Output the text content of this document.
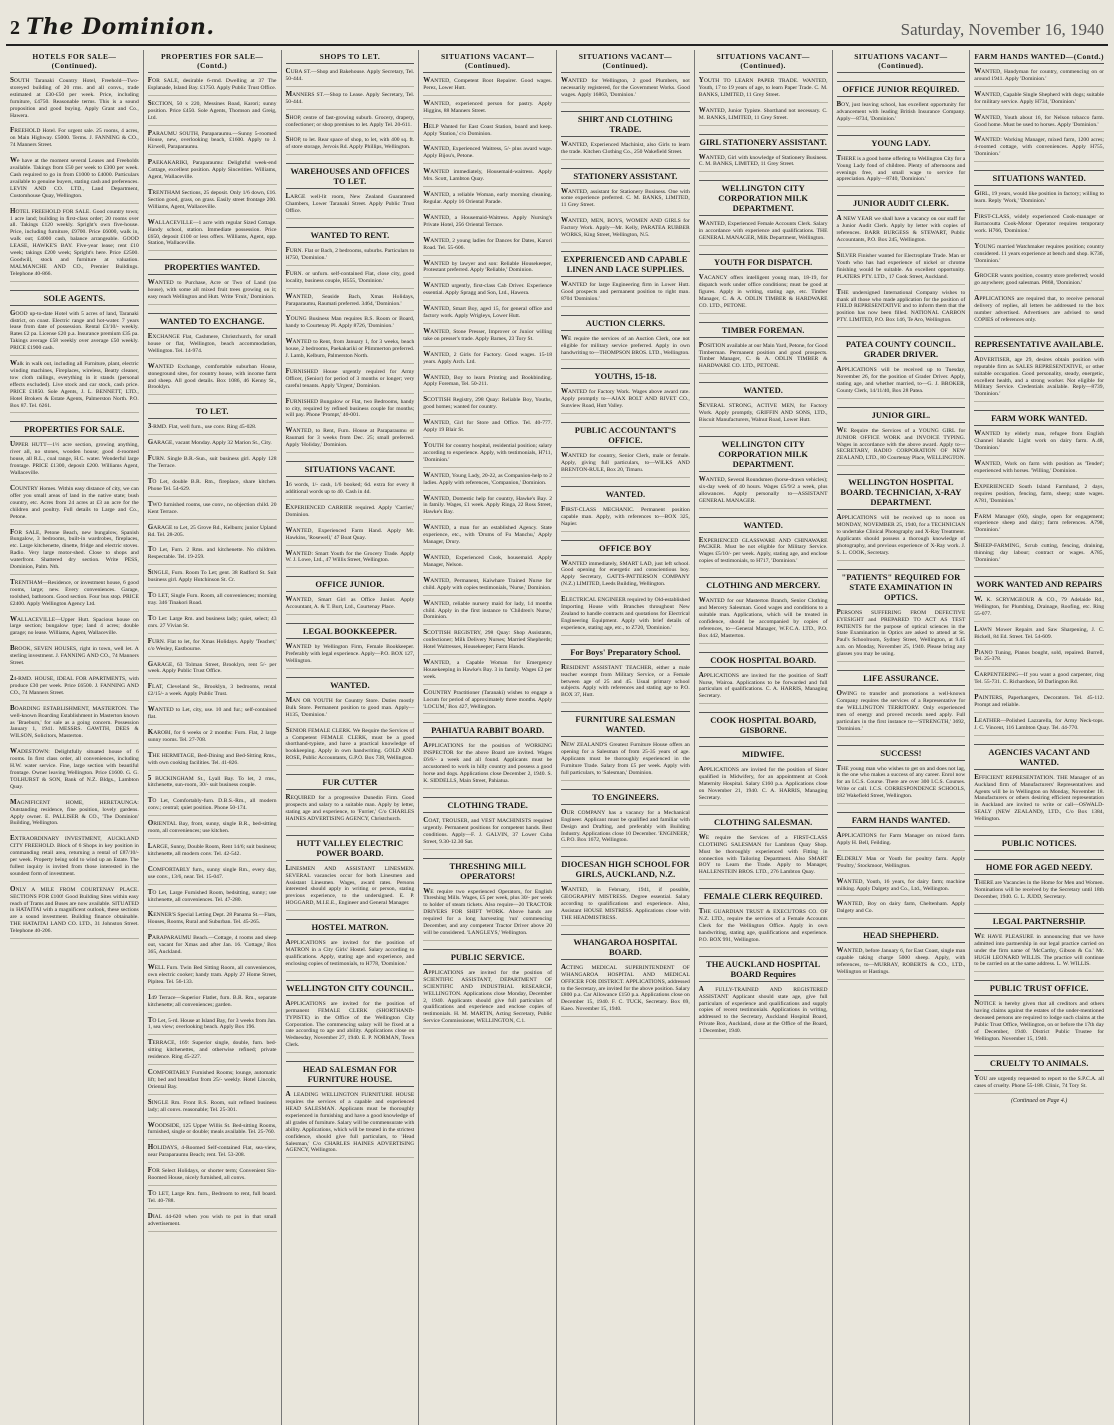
2 The Dominion.	Saturday, November 16, 1940
HOTELS FOR SALE—(Continued).
SOUTH Taranaki Country Hotel, Freehold—Two-storeyed building of 20 rms. and all convs., trade estimated at £30-£50 per week. Price, including furniture, £4750. Reasonable terms. This is a sound proposition and good buying. Apply Grant and Co., Hawera.
FREEHOLD Hotel. For urgent sale. 25 rooms, 4 acres, on Main Highway. £5000. Terms. J. FANNING & CO., 74 Manners Street.
We have at the moment several Leases and Freeholds available. Takings from £50 per week to £300 per week. Cash required to go in from £1000 to £4000. Particulars available to genuine buyers, stating cash and preferences. LEVIN AND CO. LTD., Land Department, Customhouse Quay, Wellington.
HOTEL FREEHOLD FOR SALE. Good country town; 1 acre land; building in first-class order; 20 rooms over all. Takings £120 weekly. Spright's own five-house. Price, including furniture, £9700. Price £6000, walk in, walk out; £4000 cash, balance arrangeable. GOOD LEASE, HAWKE'S BAY. Five-year lease; rent £10 week; takings £200 week; Spright's here. Price £2500. Goodwill, stock and furniture at valuation. MALMANCHE AND CO., Premier Buildings. Telephone 40-866.
SOLE AGENTS.
GOOD up-to-date Hotel with 5 acres of land, Taranaki district, on coast. Electric range and hot-water. 7 years lease from date of possession. Rental £3/10/- weekly. Rates £2 pa. License £20 p.a. Insurance premium £35 pa. Takings average £58 weekly over average £50 weekly. PRICE £1900 cash.
Walk in walk out, including all Furniture, plant, electric winding machines, Fireplaces, wireless, Beatty cleaner, tow cloth railings, everything in it stands (personal effects excluded). Live stock and car stock, cash price. PRICE £1850. Sole Agents, J. L. BENNETT, LTD., Hotel Brokers & Estate Agents, Palmerston North. P.O. Box 87. Tel. 6261.
PROPERTIES FOR SALE.
UPPER HUTT—1½ acre section, growing anything, river all, no stones, wooden house; good 4-roomed house, all R.L., coal range, H.C. water. Wonderful large frontage. PRICE £1300, deposit £200. Williams Agent, Wallaceville.
COUNTRY Homes. Within easy distance of city, we can offer you small areas of land in the native state; bush country, etc. Acres from 24 acres at £3 an acre for the children and poultry. Full details to Large and Co., Petone.
FOR SALE, Petone Beach, new bungalow, Spanish Bungalow, 3 bedrooms, built-in wardrobes, fireplaces, etc. Large kitchenette, dinette, fridge and electric stoves. Radio. Very large motor-shed. Close to shops and waterfront. Shattered dry section. Write PESS, Dominion, Palm. Nth.
TRENTHAM—Residence, or investment house, 6 good rooms, large; new. Every conveniences. Garage, toolshed, bathroom. Good section. Four bus stop. PRICE £2400. Apply Wellington Agency Ltd.
WALLACEVILLE—Upper Hutt. Spacious house on large section; bungalow type; land 4 acres; double garage; no lease. Williams, Agent, Wallaceville.
BROOK, SEVEN HOUSES, right in town, well let. A sterling investment. J. FANNING AND CO., 74 Manners Street.
24-RMD. HOUSE, IDEAL FOR APARTMENTS, with produce £30 per week. Price £6500. J. FANNING AND CO., 74 Manners Street.
BOARDING ESTABLISHMENT, MASTERTON. The well-known Boarding Establishment in Masterton known as 'Braeburn,' for sale as a going concern. Possession January 1, 1941. MESSRS. GAWITH, DEES & WILSON, Solicitors, Masterton.
WADESTOWN: Delightfully situated house of 6 rooms. In first class order, all conveniences, including H.W. water service. Fine, large section with beautiful frontage. Owner leaving Wellington. Price £1600. G. G. TOLHURST & SON, Bank of N.Z. Bldgs., Lambton Quay.
MAGNIFICENT HOME, HERETAUNGA: Outstanding residence, fine position, lovely gardens. Apply owner. E. PALLISER & CO., 'The Dominion' Building, Wellington.
EXTRAORDINARY INVESTMENT, AUCKLAND CITY FREEHOLD. Block of 6 Shops in key position in commanding retail area, returning a rental of £87/10/- per week. Property being sold to wind up an Estate. The fullest inquiry is invited from those interested in the soundest form of investment.
ONLY A MILE FROM COURTENAY PLACE. SECTIONS FOR £100! Good Building Sites within easy reach of Trams and Buses are now available. SITUATED in HATAITAI with a magnificent outlook, these sections are a sound investment. Building finance obtainable. THE HATAITAI LAND CO. LTD., 31 Johnston Street. Telephone 40-206.
PROPERTIES FOR SALE—(Contd.)
FOR SALE, desirable 6-rmd. Dwelling at 37 The Esplanade, Island Bay. £1750. Apply Public Trust Office.
SECTION, 50 x 220, Messines Road, Karori; sunny position. Price £450. Sole Agents, Thomson and Greig, Ltd.
PARAUMU SOUTH, Paraparaumu.—Sunny 5-roomed House, new, overlooking beach, £1600. Apply to J. Kirwell, Paraparaumu.
PAEKAKARIKI, Paraparaumu: Delightful week-end Cottage, excellent position. Apply Sincerities. Williams, Agent, Wallaceville.
TRENTHAM Sections, 25 deposit. Only 1/6 down, £16. Section good, grass, on grass. Easily street frontage 200. Williams, Agent, Wallaceville.
WALLACEVILLE—1 acre with regular Sized Cottage. Handy school, station. Immediate possession. Price £650, deposit £100 or less offers. Williams, Agent, opp. Station, Wallaceville.
PROPERTIES WANTED.
WANTED to Purchase, Acre or Two of Land (no house), with some all mixed fruit trees growing on it; easy reach Wellington and Hutt. Write 'Fruit,' Dominion.
WANTED TO EXCHANGE.
EXCHANGE Flat, Cashmere, Christchurch, for small house or flat, Wellington, beach accommodation, Wellington. Tel. 14-974.
WANTED Exchange, comfortable suburban House, stoneground sites, for country house, with income farm and sheep. All good details. Box 1086, 46 Kenny St., Brooklyn.
TO LET.
3-RMD. Flat, well furn., use conv. Ring 45-028.
GARAGE, vacant Monday. Apply 32 Marion St., City.
FURN. Single B.R.-Sun., suit business girl. Apply 128 The Terrace.
TO Let, double B.R. Rm., fireplace, share kitchen. Phone Tel. 54-629.
TWO furnished rooms, use conv., no objection child. 20 Kent Terrace.
GARAGE to Let, 25 Grove Rd., Kelburn; junior Upland Rd. Tel. 28-205.
TO Let, Furn. 2 Rms. and kitchenette. No children. Respectable. Tel. 19-259.
SINGLE, Furn. Room To Let; gent. 38 Radford St. Suit business girl. Apply Hutchinson St. Cr.
TO LET, Single Furn. Room, all conveniences; morning tray. 346 Tinakori Road.
TO Let: Large Rm. and business lady; quiet, select; 43 cnrs. 27 Vivian St.
FURN. Flat to let, for Xmas Holidays. Apply 'Teacher,' c/o Wesley, Eastbourne.
GARAGE, 63 Tolman Street, Brooklyn, rent 5/- per week. Apply Public Trust Office.
FLAT, Cleveland St., Brooklyn, 3 bedrooms, rental £2/15/- a week. Apply Public Trust.
WANTED to Let, city, use. 10 and fur.; self-contained flat.
KAROBI, for 6 weeks or 2 months: Furn. Flat, 2 large sunny rooms. Tel. 27-708.
THE HERMITAGE, Bed-Dining and Bed-Sitting Rms., with own cooking facilities. Tel. 41-826.
5 BUCKINGHAM St., Lyall Bay. To let, 2 rms., kitchenette, sun-room, 30/- suit business couple.
TO Let, Comfortably-furn. D.B.S.-Rm., all modern conv.; central; quiet position. Phone 50-174.
ORIENTAL Bay, front, sunny, single B.R., bed-sitting room, all conveniences; use kitchen.
LARGE, Sunny, Double Room, Rent 14/6; suit business; kitchenette, all modern conv. Tel. 42-542.
COMFORTABLY furn., sunny single Rm., every day, use conv., 13/6, near. Tel. 15-047.
TO Let, Large Furnished Room, bedsitting, sunny; use kitchenette, all conveniences. Tel. 47-280.
KENNER'S Special Letting Dept. 28 Panama St.—Flats, Houses, Rooms, Rural and Suburban. Tel. 45-265.
PARAPARAUMU Beach.—Cottage, 4 rooms and sleep out, vacant for Xmas and after Jan. 16. 'Cottage,' Box 365, Auckland.
WELL Furn. Twin Bed Sitting Room, all conveniences, own electric cooker; handy tram. Apply 27 Home Street, Pipitea. Tel. 56-133.
149 Terrace—Superior Flatlet, furn. B.R. Rm., separate kitchenette; all conveniences; garden.
TO Let, 5-rd. House at Island Bay, for 3 weeks from Jan. 1, sea view; overlooking beach. Apply Box 196.
TERRACE, 169: Superior single, double, furn. bed-sitting kitchenettes, and otherwise refined; private residence. Ring 45-227.
COMFORTABLY Furnished Rooms; lounge, automatic lift; bed and breakfast from 25/- weekly. Hotel Lincoln, Oriental Bay.
SINGLE Rm. Front B.S. Room, suit refined business lady; all convs. reasonable; Tel. 25-301.
WOODSIDE, 125 Upper Willis St. Bed-sitting Rooms, furnished, single or double; meals available. Tel. 25-760.
HOLIDAYS, 4-Roomed Self-contained Flat, sea-view, near Paraparaumu Beach; rent. Tel. 53-208.
FOR Select Holidays, or shorter term; Convenient Six-Roomed House, nicely furnished, all convs.
TO LET, Large Rm. furn., Bedroom to rent, full board. Tel. 40-788.
DIAL 44-620 when you wish to put in that small advertisement.
SHOPS TO LET.
CUBA ST.—Shop and Bakehouse. Apply Secretary, Tel. 50-444.
MANNERS ST.—Shop to Lease. Apply Secretary, Tel. 50-444.
SHOP, centre of fast-growing suburb. Grocery, drapery, confectioner; or shop premises to let. Apply Tel. 20-611.
SHOP, to let. Rear space of shop, to let, with 400 sq. ft. of store storage, Jervois Rd. Apply Phillips, Wellington.
WAREHOUSES AND OFFICES TO LET.
LARGE well-lit room, New Zealand Guaranteed Chambers, Lower Taranaki Street. Apply Public Trust Office.
WANTED TO RENT.
FURN. Flat or Bach, 2 bedrooms, suburbs. Particulars to H750, 'Dominion.'
FURN. or unfurn. self-contained Flat, close city, good locality, business couple, H555, 'Dominion.'
WANTED, Seaside Bach, Xmas Holidays, Paraparaumu, Raumati preferred. 3464, 'Dominion.'
YOUNG Business Man requires B.S. Room or Board, handy to Courtenay Pl. Apply 8726, 'Dominion.'
WANTED to Rent, from January 1, for 3 weeks, beach house, 2 bedrooms, Paekakariki or Plimmerton preferred. J. Lamb, Kelburn, Palmerston North.
FURNISHED House urgently required for Army Officer, (Senior) for period of 3 months or longer; very careful tenants. Apply 'Urgent,' Dominion.
FURNISHED Bungalow or Flat, two Bedrooms, handy to city, required by refined business couple for months; will pay. Phone 'Prompt,' 40-001.
WANTED, to Rent, Furn. House at Paraparaumu or Raumati for 3 weeks from Dec. 25; small preferred. Apply 'Holiday,' Dominion.
SITUATIONS VACANT.
16 words, 1/- cash, 1/6 booked; 6d. extra for every 8 additional words up to 40. Cash in 4d.
EXPERIENCED CARRIER required. Apply 'Carrier,' Dominion.
WANTED, Experienced Farm Hand. Apply Mr. Hawkins, 'Rosewell,' 47 Boat Quay.
WANTED: Smart Youth for the Grocery Trade. Apply W. J. Lowe, Ltd., 47 Willis Street, Wellington.
OFFICE JUNIOR.
WANTED, Smart Girl as Office Junior. Apply Accountant, A. & T. Burt, Ltd., Courtenay Place.
LEGAL BOOKKEEPER.
WANTED by Wellington Firm, Female Bookkeeper. Preferably with legal experience. Apply—P.O. BOX 127, Wellington.
WANTED.
MAN OR YOUTH for Country Store. Duties mostly Bulk Store. Permanent position to good man. Apply—H135, 'Dominion.'
SENIOR FEMALE CLERK. We Require the Services of a Competent FEMALE CLERK, must be a good shorthand-typiste, and have a practical knowledge of bookkeeping. Apply in own handwriting. GOLD AND ROSE, Public Accountants, G.P.O. Box 738, Wellington.
FUR CUTTER
REQUIRED for a progressive Dunedin Firm. Good prospects and salary to a suitable man. Apply by letter, stating age and experience, to 'Furrier,' C/o CHARLES HAINES ADVERTISING AGENCY, Christchurch.
HUTT VALLEY ELECTRIC POWER BOARD.
LINESMEN AND ASSISTANT LINESMEN. SEVERAL vacancies occur for both Linesmen and Assistant Linesmen. Wages, award rates. Persons interested should apply in writing or person, stating previous experience, to the undersigned. E. P. HOGGARD, M.I.E.E., Engineer and General Manager.
HOSTEL MATRON.
APPLICATIONS are invited for the position of MATRON in a City Girls' Hostel. Salary according to qualifications. Apply, stating age and experience, and enclosing copies of testimonials, to H778, 'Dominion.'
WELLINGTON CITY COUNCIL.
APPLICATIONS are invited for the position of permanent FEMALE CLERK (SHORTHAND-TYPISTE) in the Office of the Wellington City Corporation. The commencing salary will be fixed at a rate according to age and ability. Applications close on Wednesday, November 27, 1940. E. P. NORMAN, Town Clerk.
HEAD SALESMAN FOR FURNITURE HOUSE.
A LEADING WELLINGTON FURNITURE HOUSE requires the services of a capable and experienced HEAD SALESMAN. Applicants must be thoroughly experienced in furnishing and have a good knowledge of all grades of furniture. Salary will be commensurate with ability. Applications, which will be treated in the strictest confidence, should give full particulars, to 'Head Salesman,' C/o CHARLES HAINES ADVERTISING AGENCY, Wellington.
SITUATIONS VACANT—(Continued).
WANTED, Competent Boot Repairer. Good wages. Perez, Lower Hutt.
WANTED, experienced person for pastry. Apply Higgins, 88 Manners Street.
HELP Wanted for East Coast Station, board and keep. Apply 'Station,' c/o Dominion.
WANTED, Experienced Waitress, 5/- plus award wage. Apply Bijou's, Petone.
WANTED immediately, Housemaid-waitress. Apply Mrs. Scott, Lambton Quay.
WANTED, a reliable Woman, early morning cleaning. Regular. Apply 16 Oriental Parade.
WANTED, a Housemaid-Waitress. Apply Nursing's Private Hotel, 256 Oriental Terrace.
WANTED, 2 young ladies for Dances for Dates, Karori Road. Tel. 55-606.
WANTED by lawyer and son: Reliable Housekeeper, Protestant preferred. Apply 'Reliable,' Dominion.
WANTED urgently, first-class Cab Driver. Experience essential. Apply Spragg and Son, Ltd., Hawera.
WANTED, Smart Boy, aged 15, for general office and factory work. Apply Wrigleys, Lower Hutt.
WANTED, Stone Presser, Improver or Junior willing take on presser's trade. Apply Barnes, 23 Tory St.
WANTED, 2 Girls for Factory. Good wages. 15-18 years. Apply Arch. Ltd.
WANTED, Boy to learn Printing and Bookbinding. Apply Foreman, Tel. 50-211.
SCOTTISH Registry, 298 Quay: Reliable Boy, Youths, good homes; wanted for country.
WANTED, Girl for Store and Office. Tel. 40-777. Apply 19 Blair St.
YOUTH for country hospital, residential position; salary according to experience. Apply, with testimonials, H711, 'Dominion.'
WANTED, Young Lady, 20-22, as Companion-help to 2 ladies. Apply with references, 'Companion,' Dominion.
WANTED, Domestic help for country, Hawke's Bay. 2 in family. Wages, £1 week. Apply Ringa, 22 Ross Street, Hawke's Bay.
WANTED, a man for an established Agency. State experience, etc., with 'Drums of Fu Manchu,' Apply Manager, Drury.
WANTED, Experienced Cook, housemaid. Apply Manager, Nelson.
WANTED, Permanent, Kaiwhare Trained Nurse for child. Apply with copies testimonials, 'Nurse,' Dominion.
WANTED, reliable nursery maid for lady, 14 months child. Apply in the first instance to 'Children's Nurse,' Dominion.
SCOTTISH REGISTRY, 298 Quay: Shop Assistants, confectioner; Milk Delivery Nurses; Married Shepherds; Hotel Waitresses, Housekeeper; Farm Hands.
WANTED, a Capable Woman for Emergency Housekeeping in Hawke's Bay. 3 in family. Wages £2 per week.
COUNTRY Practitioner (Taranaki) wishes to engage a Locum for period of approximately three months. Apply 'LOCUM,' Box 427, Wellington.
PAHIATUA RABBIT BOARD.
APPLICATIONS for the position of WORKING INSPECTOR for the above Board are invited. Wages £6/6/- a week and all found. Applicants must be accustomed to work in hilly country and possess a good horse and dogs. Applications close December 2, 1940. S. K. SIDDELLS, Main Street, Pahiatua.
CLOTHING TRADE.
COAT, TROUSER, and VEST MACHINISTS required urgently. Permanent positions for competent hands. Best conditions. Apply—F. J. GALVIN, 37 Lower Cuba Street, 9.30-12.30 Sat.
THRESHING MILL OPERATORS!
WE require two experienced Operators, for English Threshing Mills. Wages, £5 per week, plus 30/- per week to holder of steam tickets. Also require—20 TRACTOR DRIVERS FOR SHIFT WORK. Above hands are required for a long harvesting 'run' commencing December, and any competent Tractor Driver above 20 will be considered. 'LANGLEYS,' Wellington.
PUBLIC SERVICE.
APPLICATIONS are invited for the position of SCIENTIFIC ASSISTANT, DEPARTMENT OF SCIENTIFIC AND INDUSTRIAL RESEARCH, WELLINGTON. Applications close Monday, December 2, 1940. Applicants should give full particulars of qualifications and experience and enclose copies of testimonials. H. M. MARTIN, Acting Secretary, Public Service Commissioner, WELLINGTON, C.1.
SITUATIONS VACANT—(Continued).
WANTED for Wellington, 2 good Plumbers, not necessarily registered, for the Government Works. Good wages. Apply 16863, 'Dominion.'
SHIRT AND CLOTHING TRADE.
WANTED, Experienced Machinist, also Girls to learn the trade. Kitchen Clothing Co., 250 Wakefield Street.
STATIONERY ASSISTANT.
WANTED, assistant for Stationery Business. One with some experience preferred. C. M. BANKS, LIMITED, 11 Grey Street.
WANTED, MEN, BOYS, WOMEN AND GIRLS for Factory Work. Apply—Mr. Kelly, PARATEA RUBBER WORKS, King Street, Wellington, N.5.
EXPERIENCED AND CAPABLE LINEN AND LACE SUPPLIES.
WANTED for large Engineering firm in Lower Hutt. Good prospects and permanent position to right man. 8704 'Dominion.'
AUCTION CLERKS.
WE require the services of an Auction Clerk, one not eligible for military service preferred. Apply in own handwriting to—THOMPSON BROS. LTD., Wellington.
YOUTHS, 15-18.
WANTED for Factory Work. Wages above award rate. Apply promptly to—AJAX BOLT AND RIVET CO., Sunview Road, Hutt Valley.
PUBLIC ACCOUNTANT'S OFFICE.
WANTED for country, Senior Clerk, male or female. Apply, giving full particulars, to—WILKS AND BRENTON-RULE, Box 20, Timaru.
WANTED.
FIRST-CLASS MECHANIC. Permanent position capable man. Apply, with references to—BOX 325, Napier.
OFFICE BOY
WANTED immediately, SMART LAD, just left school. Good opening for energetic and conscientious boy. Apply Secretary, GATTS-PATTERSON COMPANY (N.Z.) LIMITED, Leeds Building, Wellington.
ELECTRICAL ENGINEER required by Old-established Importing House with Branches throughout New Zealand to handle contracts and quotations for Electrical Engineering Equipment. Apply with brief details of experience, stating age, etc., to Z720, 'Dominion.'
For Boys' Preparatory School.
RESIDENT ASSISTANT TEACHER, either a male teacher exempt from Military Service, or a Female between age of 25 and 45. Usual primary school subjects. Apply with references and stating age to P.O. BOX 37, Hutt.
FURNITURE SALESMAN WANTED.
NEW ZEALAND'S Greatest Furniture House offers an opening for a Salesman of from 25-35 years of age. Applicants must be thoroughly experienced in the Furniture Trade. Salary from £5 per week. Apply with full particulars, to 'Salesman,' Dominion.
TO ENGINEERS.
OUR COMPANY has a vacancy for a Mechanical Engineer. Applicant must be qualified and familiar with Design and Drafting, and preferably with Building Industry. Applications close 10 December. 'ENGINEER,' G.P.O. Box 1672, Wellington.
DIOCESAN HIGH SCHOOL FOR GIRLS, AUCKLAND, N.Z.
WANTED, in February, 1941, if possible, GEOGRAPHY MISTRESS. Degree essential. Salary according to qualifications and experience. Also, Assistant HOUSE MISTRESS. Applications close with THE HEADMISTRESS.
WHANGAROA HOSPITAL BOARD.
ACTING MEDICAL SUPERINTENDENT OF WHANGAROA HOSPITAL AND MEDICAL OFFICER FOR DISTRICT. APPLICATIONS, addressed to the Secretary, are invited for the above position. Salary £800 p.a. Car Allowance £150 p.a. Applications close on December 15, 1940. F. C. TUCK, Secretary. Box 69, Kaeo. November 15, 1940.
SITUATIONS VACANT—(Continued).
YOUTH TO LEARN PAPER TRADE. WANTED, Youth, 17 to 19 years of age, to learn Paper Trade. C. M. BANKS, LIMITED, 11 Grey Street.
WANTED, Junior Typiste. Shorthand not necessary. C. M. BANKS, LIMITED, 11 Grey Street.
GIRL STATIONERY ASSISTANT.
WANTED, Girl with knowledge of Stationery Business. C. M. BANKS, LIMITED, 11 Grey Street.
WELLINGTON CITY CORPORATION MILK DEPARTMENT.
WANTED, Experienced Female Accounts Clerk. Salary in accordance with experience and qualifications. THE GENERAL MANAGER, Milk Department, Wellington.
YOUTH FOR DISPATCH.
VACANCY offers intelligent young man, 18-19, for dispatch work under office conditions; must be good at figures. Apply in writing, stating age, etc. Timber Manager, C. & A. ODLIN TIMBER & HARDWARE CO. LTD., PETONE.
TIMBER FOREMAN.
POSITION available at our Main Yard, Petone, for Good Timberman. Permanent position and good prospects. Timber Manager, C. & A. ODLIN TIMBER & HARDWARE CO. LTD., PETONE.
WANTED.
SEVERAL STRONG, ACTIVE MEN, for Factory Work. Apply promptly, GRIFFIN AND SONS, LTD., Biscuit Manufacturers, Walnut Road, Lower Hutt.
WELLINGTON CITY CORPORATION MILK DEPARTMENT.
WANTED, Several Roundsmen (horse-drawn vehicles); six-day week of 40 hours. Wages £5/9/2 a week, plus allowances. Apply personally to—ASSISTANT GENERAL MANAGER.
WANTED.
EXPERIENCED GLASSWARE AND CHINAWARE PACKER. Must be not eligible for Military Service. Wages £5/10/- per week. Apply, stating age, and enclose copies of testimonials, to H717, 'Dominion.'
CLOTHING AND MERCERY.
WANTED for our Masterton Branch, Senior Clothing and Mercery Salesman. Good wages and conditions to a suitable man. Applications, which will be treated in confidence, should be accompanied by copies of references, to—General Manager, W.F.C.A. LTD., P.O. Box 442, Masterton.
COOK HOSPITAL BOARD.
APPLICATIONS are invited for the position of Staff Nurse, Wairoa. Applications to be forwarded and full particulars of qualifications. C. A. HARRIS, Managing Secretary.
COOK HOSPITAL BOARD, GISBORNE.
MIDWIFE.
APPLICATIONS are invited for the position of Sister qualified in Midwifery, for an appointment at Cook Maternity Hospital. Salary £160 p.a. Applications close on November 21, 1940. C. A. HARRIS, Managing Secretary.
CLOTHING SALESMAN.
WE require the Services of a FIRST-CLASS CLOTHING SALESMAN for Lambton Quay Shop. Must be thoroughly experienced with Fitting in connection with Tailoring Department. Also SMART BOY to Learn the Trade. Apply to Manager, HALLENSTEIN BROS. LTD., 276 Lambton Quay.
FEMALE CLERK REQUIRED.
THE GUARDIAN TRUST & EXECUTORS CO. OF N.Z. LTD., require the services of a Female Accounts Clerk for the Wellington Office. Apply in own handwriting, stating age, qualifications and experience. P.O. BOX 991, Wellington.
THE AUCKLAND HOSPITAL BOARD Requires
A FULLY-TRAINED AND REGISTERED ASSISTANT Applicant should state age, give full particulars of experience and qualifications and supply copies of recent testimonials. Applications in writing, addressed to the Secretary, Auckland Hospital Board, Private Box, Auckland, close at the Office of the Board, 1 December, 1940.
SITUATIONS VACANT—(Continued).
OFFICE JUNIOR REQUIRED.
BOY, just leaving school, has excellent opportunity for advancement with leading British Insurance Company. Apply—8734, 'Dominion.'
YOUNG LADY.
THERE is a good home offering to Wellington City for a Young Lady fond of children. Plenty of afternoons and evenings free, and small wage to service for appreciation. Apply—8740, 'Dominion.'
JUNIOR AUDIT CLERK.
A NEW YEAR we shall have a vacancy on our staff for a Junior Audit Clerk. Apply by letter with copies of references. BARR BURGESS & STEWART, Public Accountants, P.O. Box 245, Wellington.
SILVER Finisher wanted for Electroplate Trade. Man or Youth who has had experience of nickel or chrome finishing would be suitable. An excellent opportunity. PLATERS PTY. LTD., 17 Cook Street, Auckland.
THE undersigned International Company wishes to thank all those who made application for the position of FIELD REPRESENTATIVE and to inform them that the position has now been filled. NATIONAL CARBON PTY. LIMITED, P.O. Box 146, Te Aro, Wellington.
PATEA COUNTY COUNCIL. GRADER DRIVER.
APPLICATIONS will be received up to Tuesday, November 26, for the position of Grader Driver. Apply, stating age, and whether married, to—G. J. BROKER, County Clerk, 14/11/40, Box 28 Patea.
JUNIOR GIRL.
WE Require the Services of a YOUNG GIRL for JUNIOR OFFICE WORK and INVOICE TYPING. Wages in accordance with the above award. Apply to—SECRETARY, RADIO CORPORATION OF NEW ZEALAND, LTD., 80 Courtenay Place, WELLINGTON.
WELLINGTON HOSPITAL BOARD. TECHNICIAN, X-RAY DEPARTMENT.
APPLICATIONS will be received up to noon on MONDAY, NOVEMBER 25, 1940, for a TECHNICIAN to undertake Clinical Photography and X-Ray Treatment. Applicants should possess a thorough knowledge of photography, and previous experience of X-Ray work. J. S. L. COOK, Secretary.
"PATIENTS" REQUIRED FOR STATE EXAMINATION IN OPTICS.
PERSONS SUFFERING FROM DEFECTIVE EYESIGHT and PREPARED TO ACT AS TEST PATIENTS for the purpose of optical sciences in the State Examination in Optics are asked to attend at St. Paul's Schoolroom, Sydney Street, Wellington, at 9.45 a.m. on Monday, November 25, 1940. Please bring any glasses you may be using.
LIFE ASSURANCE.
OWING to transfer and promotions a well-known Company requires the services of a Representative for the WELLINGTON TERRITORY. Only experienced men of energy and proved records need apply. Full particulars in the first instance to—'STRENGTH,' 3692, 'Dominion.'
SUCCESS!
THE young man who wishes to get on and does not lag, is the one who makes a success of any career. Enrol now for an I.C.S. Course. There are over 300 I.C.S. Courses. Write or call. I.C.S. CORRESPONDENCE SCHOOLS, 182 Wakefield Street, Wellington.
FARM HANDS WANTED.
APPLICATIONS for Farm Manager on mixed farm. Apply H. Bell, Feilding.
ELDERLY Man or Youth for poultry farm. Apply 'Poultry,' Stockmoor, Wellington.
WANTED, Youth, 16 years, for dairy farm; machine milking. Apply Dalgety and Co., Ltd., Wellington.
WANTED, Boy on dairy farm, Cheltenham. Apply Dalgety and Co.
HEAD SHEPHERD.
WANTED, before January 6, for East Coast, single man capable taking charge 5000 sheep. Apply, with references, to—MURRAY, ROBERTS & CO., LTD., Wellington or Hastings.
FARM HANDS WANTED—(Contd.)
WANTED, Handyman for country, commencing on or around 1941. Apply 'Dominion.'
WANTED, Capable Single Shepherd with dogs; suitable for military service. Apply H734, 'Dominion.'
WANTED, Youth about 16, for Nelson tobacco farm. Good home. Must be used to horses. Apply 'Dominion.'
WANTED: Working Manager, mixed farm, 1200 acres; 4-roomed cottage, with conveniences. Apply H755, 'Dominion.'
SITUATIONS WANTED.
GIRL, 19 years, would like position in factory; willing to learn. Reply 'Work,' 'Dominion.'
FIRST-CLASS, widely experienced Cook-manager or Barracoutta Cook-Motor Operator requires temporary work. H766, 'Dominion.'
YOUNG married Watchmaker requires position; country considered. 11 years experience at bench and shop. K736, 'Dominion.'
GROCER wants position, country store preferred; would go anywhere; good salesman. P868, 'Dominion.'
APPLICATIONS are required that, to receive personal delivery of replies, all letters be addressed to the box number advertised. Advertisers are advised to send COPIES of references only.
REPRESENTATIVE AVAILABLE.
ADVERTISER, age 29, desires obtain position with reputable firm as SALES REPRESENTATIVE, or other suitable occupation. Good personality, steady, energetic, excellent health, and a strong worker. Not eligible for Military Service. Credentials available. Reply—8739, 'Dominion.'
FARM WORK WANTED.
WANTED by elderly man, refugee from English Channel Islands: Light work on dairy farm. A.48, 'Dominion.'
WANTED, Work on farm with position as 'Tender'; experienced with horses. 'Willing,' Dominion.
EXPERIENCED South Island Farmhand, 2 days, requires position, fencing, farm, sheep; state wages. A781, 'Dominion.'
FARM Manager (60), single, open for engagement; experience sheep and dairy; farm references. A798, 'Dominion.'
SHEEP-FARMING, Scrub cutting, fencing, draining, thinning; day labour; contract or wages. A785, 'Dominion.'
WORK WANTED AND REPAIRS
W. K. SCRYMGEOUR & CO., 79 Adelaide Rd., Wellington, for Plumbing, Drainage, Roofing, etc. Ring 55-077.
LAWN Mower Repairs and Saw Sharpening, J. C. Bickell, 84 Ed. Street. Tel. 54-609.
PIANO Tuning, Pianos bought, sold, repaired. Burrell, Tel. 25-378.
CARPENTERING—If you want a good carpenter, ring Tel. 55-731. C. Richardson, 50 Darlington Rd.
PAINTERS, Paperhangers, Decorators. Tel. 45-112. Prompt and reliable.
LEATHER—Polished Lazzarella, for Army Neck-tops. J. C. Vincent, 116 Lambton Quay. Tel. 44-770.
AGENCIES VACANT AND WANTED.
EFFICIENT REPRESENTATION. THE Manager of an Auckland firm of Manufacturers' Representatives and Agents will be in Wellington on Monday, November 18. Manufacturers or others desiring efficient representation in Auckland are invited to write or call—OSWALD-SEALY (NEW ZEALAND), LTD., C/o Box 1384, Wellington.
PUBLIC NOTICES.
HOME FOR AGED NEEDY.
THERE are Vacancies in the Home for Men and Women. Nominations will be received by the Secretary until 18th December, 1940. G. L. JUDD, Secretary.
LEGAL PARTNERSHIP.
WE HAVE PLEASURE in announcing that we have admitted into partnership in our legal practice carried on under the firm name of 'McCarthy, Gibson & Co.' Mr. HUGH LEONARD WILLIS. The practice will continue to be carried on at the same address. L. W. WILLIS.
PUBLIC TRUST OFFICE.
NOTICE is hereby given that all creditors and others having claims against the estates of the under-mentioned deceased persons are required to lodge such claims at the Public Trust Office, Wellington, on or before the 17th day of December, 1940. District Public Trustee for Wellington. November 15, 1940.
CRUELTY TO ANIMALS.
YOU are urgently requested to report to the S.P.C.A. all cases of cruelty. Phone 55-188. Clinic, 74 Tory St.
(Continued on Page 4.)
